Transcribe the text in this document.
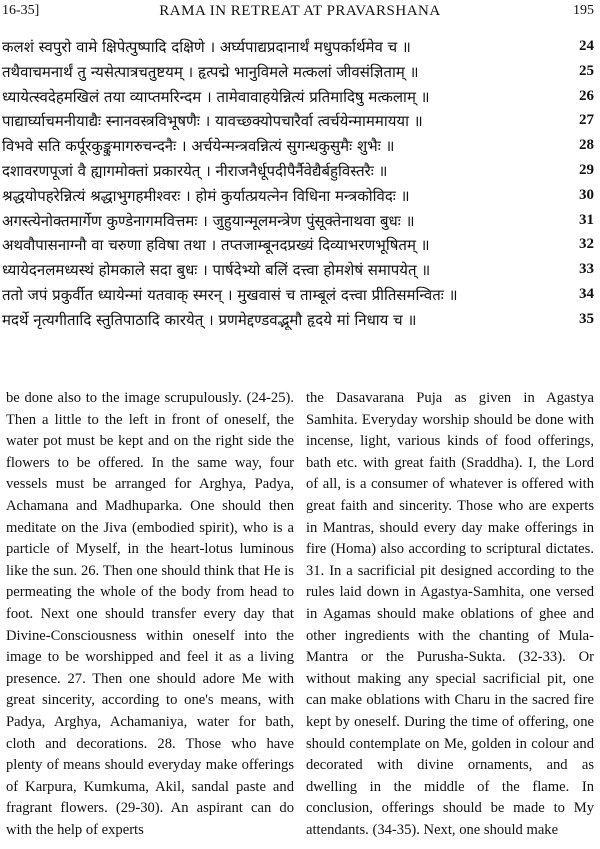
16-35]	RAMA IN RETREAT AT PRAVARSHANA	195
कलशं स्वपुरो वामे क्षिपेत्पुष्पादि दक्षिणे । अर्घ्यपाद्यप्रदानार्थं मधुपर्कार्थमेव च ॥	24
तथैवाचमनार्थं तु न्यसेत्पात्रचतुष्टयम् । हृत्पद्मे भानुविमले मत्कलां जीवसंज्ञिताम् ॥	25
ध्यायेत्स्वदेहमखिलं तया व्याप्तमरिन्दम । तामेवावाहयेन्नित्यं प्रतिमादिषु मत्कलाम् ॥	26
पाद्यार्घ्याचमनीयाद्यैः स्नानवस्त्रविभूषणैः । यावच्छक्योपचारैर्वा त्वर्चयेन्माममायया ॥	27
विभवे सति कर्पूरकुङ्कुमागरुचन्दनैः । अर्चयेन्मन्त्रवन्नित्यं सुगन्धकुसुमैः शुभैः ॥	28
दशावरणपूजां वै ह्यागमोक्तां प्रकारयेत् । नीराजनैर्धूपदीपैर्नैवेद्यैर्बहुविस्तरैः ॥	29
श्रद्धयोपहरेन्नित्यं श्रद्धाभुगहमीश्वरः । होमं कुर्यात्प्रयत्नेन विधिना मन्त्रकोविदः ॥	30
अगस्त्येनोक्तमार्गेण कुण्डेनागमवित्तमः । जुहुयान्मूलमन्त्रेण पुंसूक्तेनाथवा बुधः ॥	31
अथवौपासनाग्नौ वा चरुणा हविषा तथा । तप्तजाम्बूनदप्रख्यं दिव्याभरणभूषितम् ॥	32
ध्यायेदनलमध्यस्थं होमकाले सदा बुधः । पार्षदेभ्यो बलिं दत्त्वा होमशेषं समापयेत् ॥	33
ततो जपं प्रकुर्वीत ध्यायेन्मां यतवाक् स्मरन् । मुखवासं च ताम्बूलं दत्त्वा प्रीतिसमन्वितः ॥	34
मदर्थे नृत्यगीतादि स्तुतिपाठादि कारयेत् । प्रणमेद्दण्डवद्भूमौ हृदये मां निधाय च ॥	35

be done also to the image scrupulously. (24-25). Then a little to the left in front of oneself, the water pot must be kept and on the right side the flowers to be offered. In the same way, four vessels must be arranged for Arghya, Padya, Achamana and Madhuparka. One should then meditate on the Jiva (embodied spirit), who is a particle of Myself, in the heart-lotus luminous like the sun. 26. Then one should think that He is permeating the whole of the body from head to foot. Next one should transfer every day that Divine-Consciousness within oneself into the image to be worshipped and feel it as a living presence. 27. Then one should adore Me with great sincerity, according to one's means, with Padya, Arghya, Achamaniya, water for bath, cloth and decorations. 28. Those who have plenty of means should everyday make offerings of Karpura, Kumkuma, Akil, sandal paste and fragrant flowers. (29-30). An aspirant can do with the help of experts

the Dasavarana Puja as given in Agastya Samhita. Everyday worship should be done with incense, light, various kinds of food offerings, bath etc. with great faith (Sraddha). I, the Lord of all, is a consumer of whatever is offered with great faith and sincerity. Those who are experts in Mantras, should every day make offerings in fire (Homa) also according to scriptural dictates. 31. In a sacrificial pit designed according to the rules laid down in Agastya-Samhita, one versed in Agamas should make oblations of ghee and other ingredients with the chanting of Mula-Mantra or the Purusha-Sukta. (32-33). Or without making any special sacrificial pit, one can make oblations with Charu in the sacred fire kept by oneself. During the time of offering, one should contemplate on Me, golden in colour and decorated with divine ornaments, and as dwelling in the middle of the flame. In conclusion, offerings should be made to My attendants. (34-35). Next, one should make
